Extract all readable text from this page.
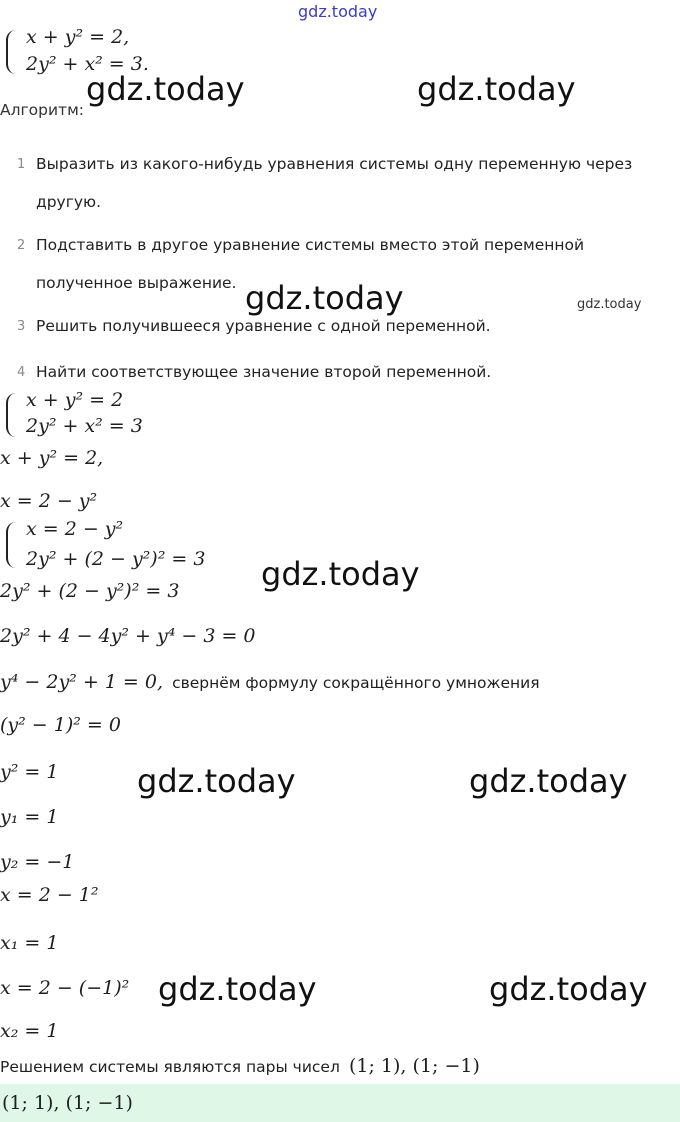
gdz.today
x + y² = 2,
2y² + x² = 3.
gdz.today	gdz.today
Алгоритм:
1 Выразить из какого-нибудь уравнения системы одну переменную через другую.
2 Подставить в другое уравнение системы вместо этой переменной полученное выражение. gdz.today	gdz.today
3 Решить получившееся уравнение с одной переменной.
4 Найти соответствующее значение второй переменной.
x + y² = 2
2y² + x² = 3
x + y² = 2,
x = 2 − y²
x = 2 − y²
2y² + (2 − y²)² = 3 gdz.today
2y² + (2 − y²)² = 3
2y² + 4 − 4y² + y⁴ − 3 = 0
y⁴ − 2y² + 1 = 0, свернём формулу сокращённого умножения
(y² − 1)² = 0
y² = 1 gdz.today	gdz.today
y₁ = 1
y₂ = −1
x = 2 − 1²
x₁ = 1
x = 2 − (−1)² gdz.today	gdz.today
x₂ = 1
Решением системы являются пары чисел (1; 1), (1; −1)
(1; 1), (1; −1)
